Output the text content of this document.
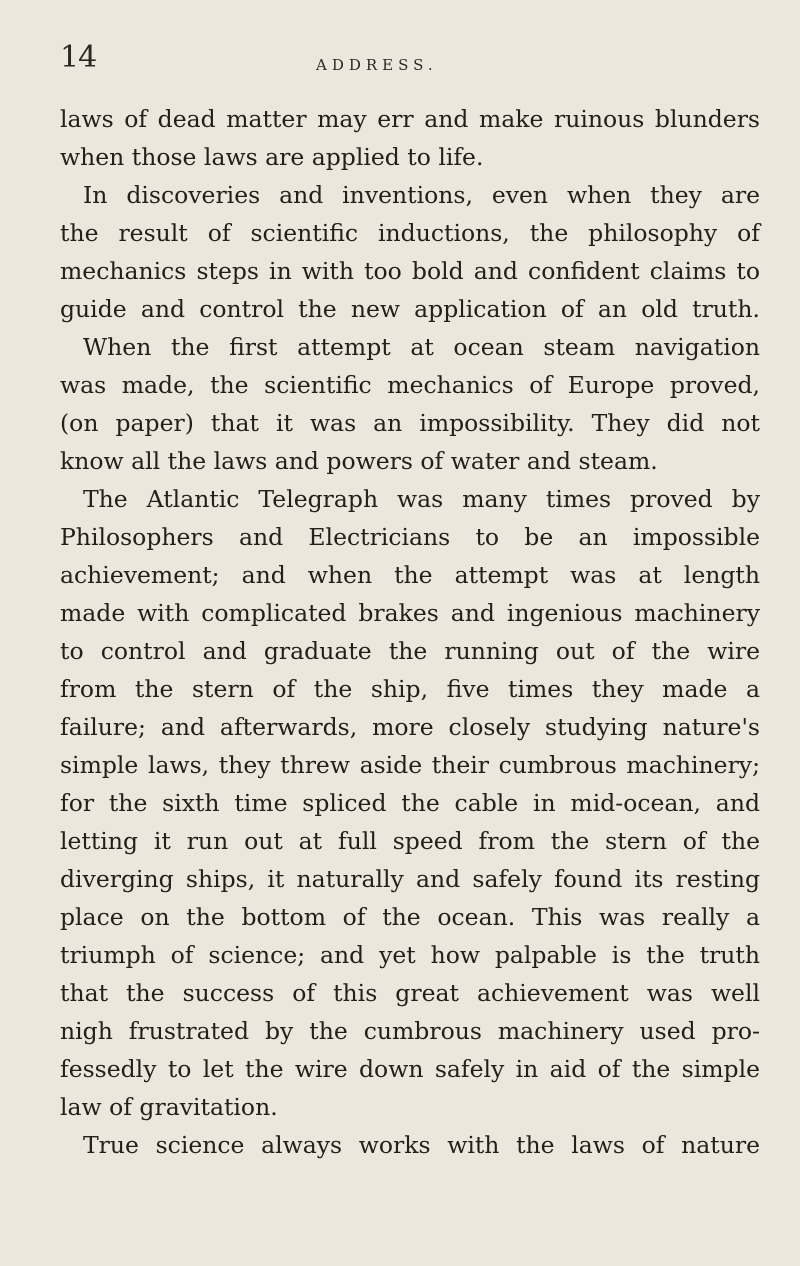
14	ADDRESS.
laws of dead matter may err and make ruinous blunders
when those laws are applied to life.
In discoveries and inventions, even when they are
the result of scientific inductions, the philosophy of
mechanics steps in with too bold and confident claims to
guide and control the new application of an old truth.
When the first attempt at ocean steam navigation
was made, the scientific mechanics of Europe proved,
(on paper) that it was an impossibility. They did not
know all the laws and powers of water and steam.
The Atlantic Telegraph was many times proved by
Philosophers and Electricians to be an impossible
achievement; and when the attempt was at length
made with complicated brakes and ingenious machinery
to control and graduate the running out of the wire
from the stern of the ship, five times they made a
failure; and afterwards, more closely studying nature's
simple laws, they threw aside their cumbrous machinery;
for the sixth time spliced the cable in mid-ocean, and
letting it run out at full speed from the stern of the
diverging ships, it naturally and safely found its resting
place on the bottom of the ocean. This was really a
triumph of science; and yet how palpable is the truth
that the success of this great achievement was well
nigh frustrated by the cumbrous machinery used pro-
fessedly to let the wire down safely in aid of the simple
law of gravitation.
True science always works with the laws of nature
